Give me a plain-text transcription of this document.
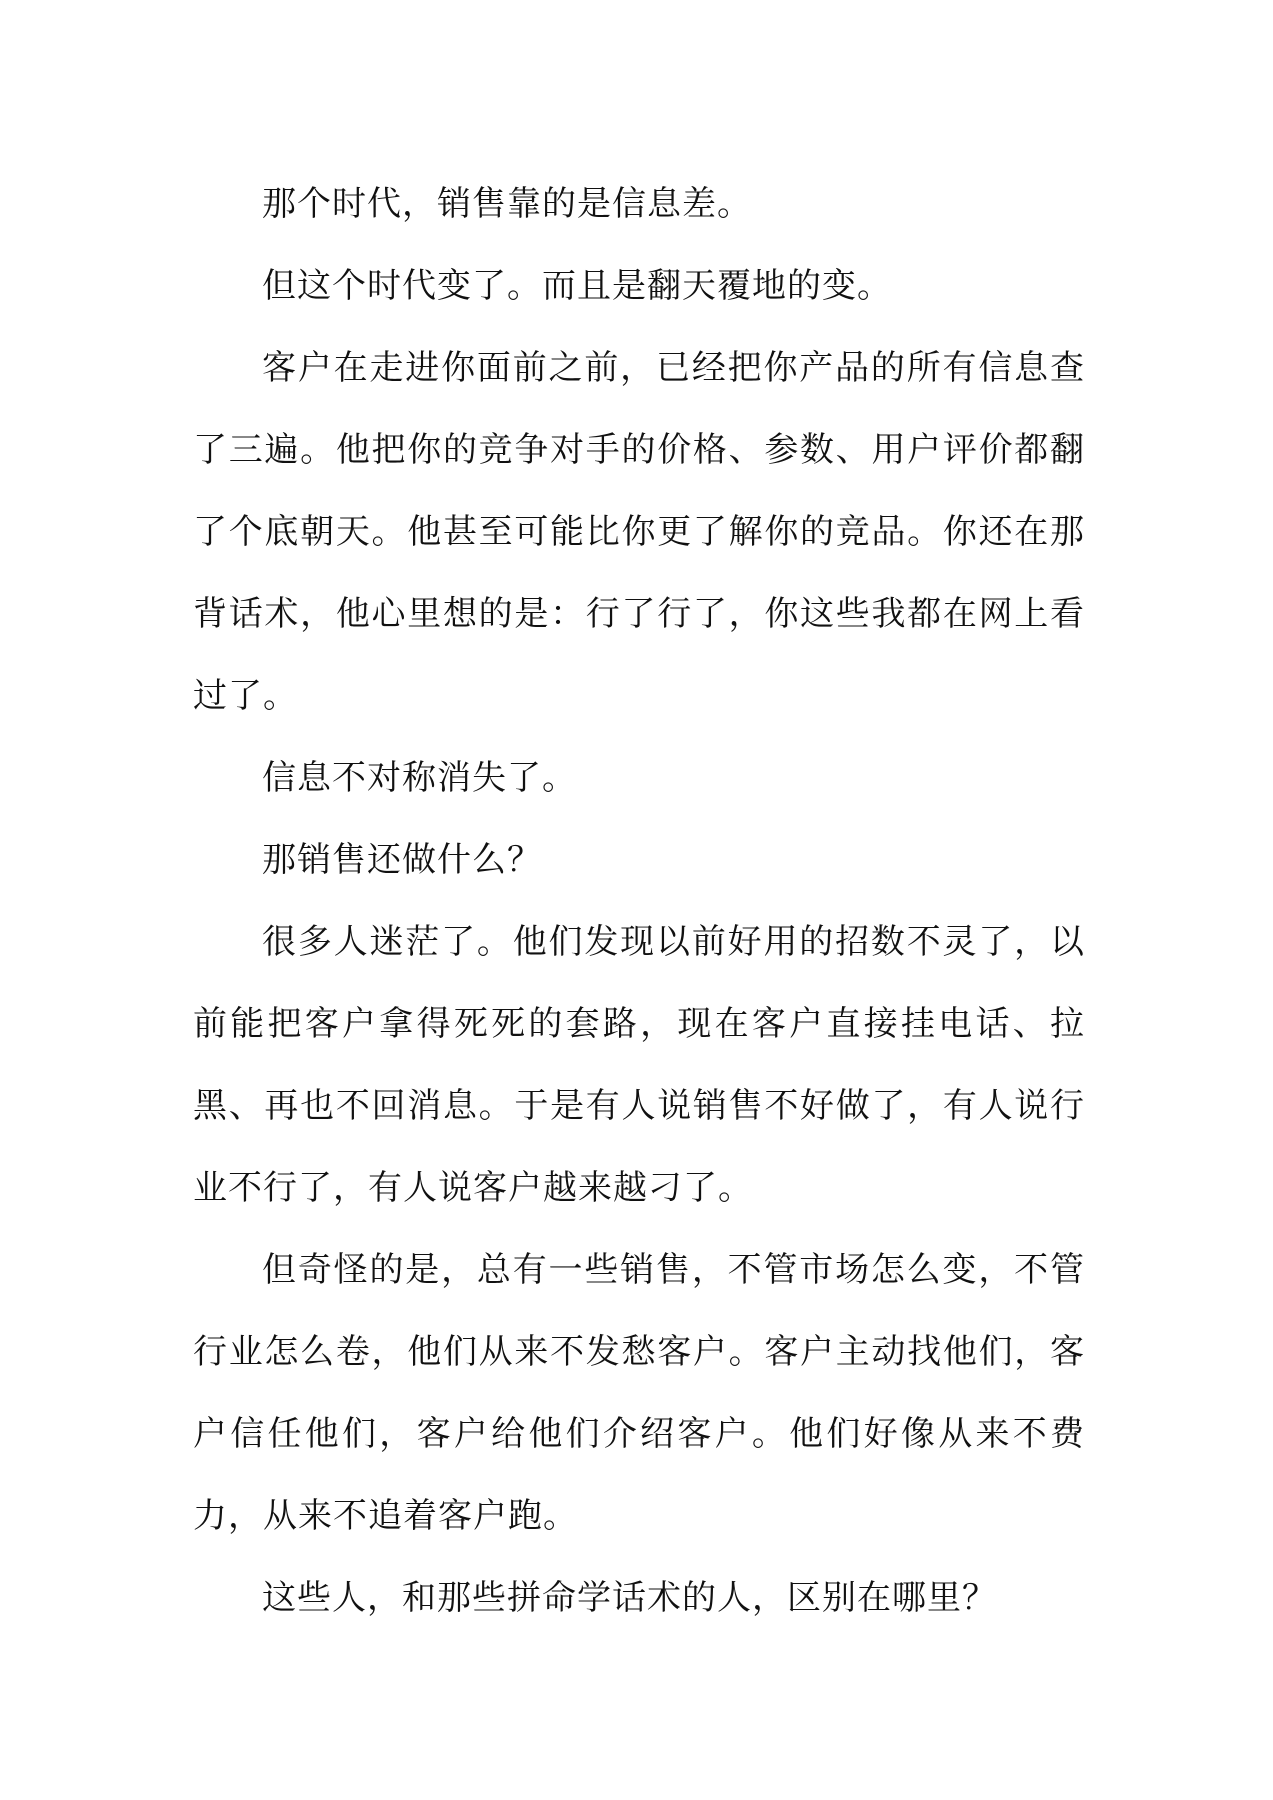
那个时代，销售靠的是信息差。

但这个时代变了。而且是翻天覆地的变。

客户在走进你面前之前，已经把你产品的所有信息查了三遍。他把你的竞争对手的价格、参数、用户评价都翻了个底朝天。他甚至可能比你更了解你的竞品。你还在那背话术，他心里想的是：行了行了，你这些我都在网上看过了。

信息不对称消失了。

那销售还做什么？

很多人迷茫了。他们发现以前好用的招数不灵了，以前能把客户拿得死死的套路，现在客户直接挂电话、拉黑、再也不回消息。于是有人说销售不好做了，有人说行业不行了，有人说客户越来越刁了。

但奇怪的是，总有一些销售，不管市场怎么变，不管行业怎么卷，他们从来不发愁客户。客户主动找他们，客户信任他们，客户给他们介绍客户。他们好像从来不费力，从来不追着客户跑。

这些人，和那些拼命学话术的人，区别在哪里？
